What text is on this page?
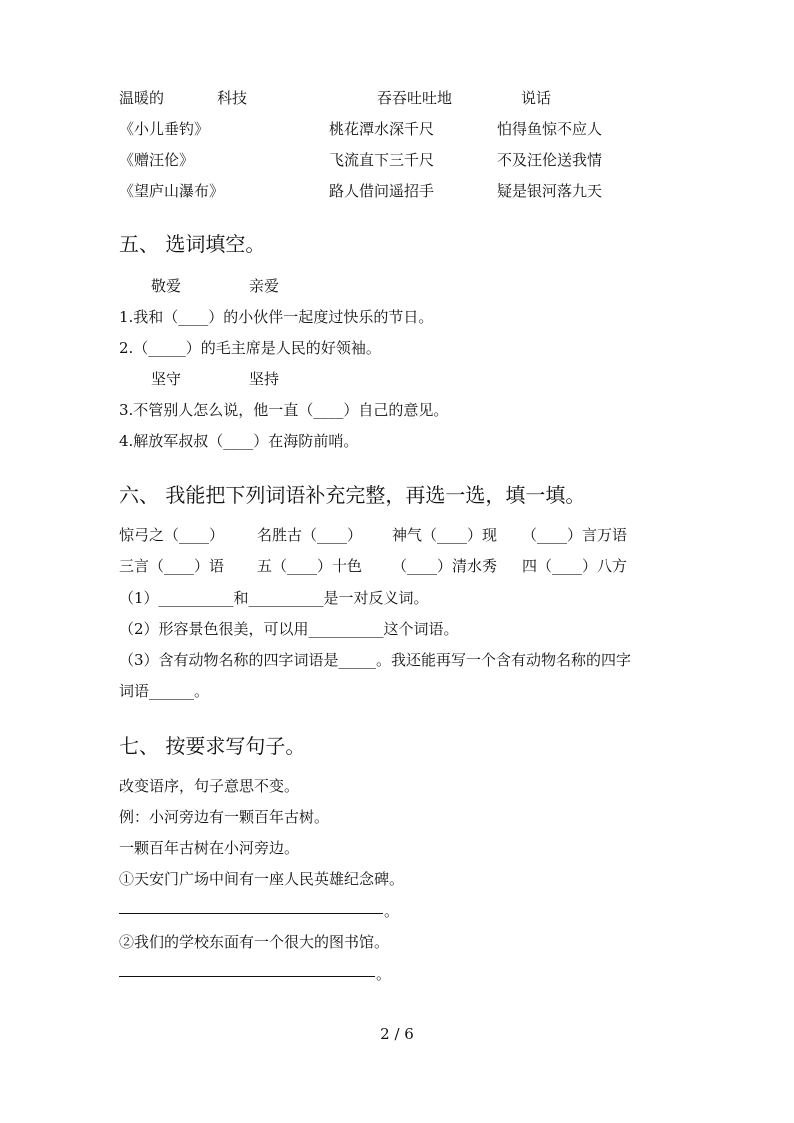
温暖的	科技	吞吞吐吐地	说话
《小儿垂钓》	桃花潭水深千尺	怕得鱼惊不应人
《赠汪伦》	飞流直下三千尺	不及汪伦送我情
《望庐山瀑布》	路人借问遥招手	疑是银河落九天
五、 选词填空。
敬爱	亲爱
1.我和（____）的小伙伴一起度过快乐的节日。
2.（_____）的毛主席是人民的好领袖。
坚守	坚持
3.不管别人怎么说，他一直（____）自己的意见。
4.解放军叔叔（____）在海防前哨。
六、 我能把下列词语补充完整，再选一选，填一填。
惊弓之（____） 名胜古（____） 神气（____）现 （____）言万语
三言（____）语 五（____）十色 （____）清水秀 四（____）八方
（1）__________和__________是一对反义词。
（2）形容景色很美，可以用__________这个词语。
（3）含有动物名称的四字词语是_____。我还能再写一个含有动物名称的四字
词语______。
七、 按要求写句子。
改变语序，句子意思不变。
例：小河旁边有一颗百年古树。
一颗百年古树在小河旁边。
①天安门广场中间有一座人民英雄纪念碑。
。
②我们的学校东面有一个很大的图书馆。
。
2 / 6
